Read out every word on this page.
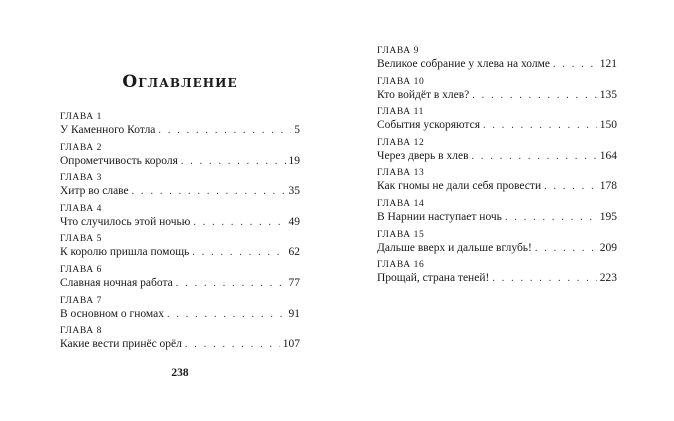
Оглавление
ГЛАВА 1
У Каменного Котла . . .	5
ГЛАВА 2
Опрометчивость короля . . .	19
ГЛАВА 3
Хитр во славе . . .	35
ГЛАВА 4
Что случилось этой ночью . . .	49
ГЛАВА 5
К королю пришла помощь . . .	62
ГЛАВА 6
Славная ночная работа . . .	77
ГЛАВА 7
В основном о гномах . . .	91
ГЛАВА 8
Какие вести принёс орёл . . .	107
238
ГЛАВА 9
Великое собрание у хлева на холме . . .	121
ГЛАВА 10
Кто войдёт в хлев? . . .	135
ГЛАВА 11
События ускоряются . . .	150
ГЛАВА 12
Через дверь в хлев . . .	164
ГЛАВА 13
Как гномы не дали себя провести . . .	178
ГЛАВА 14
В Нарнии наступает ночь . . .	195
ГЛАВА 15
Дальше вверх и дальше вглубь! . . .	209
ГЛАВА 16
Прощай, страна теней! . . .	223
